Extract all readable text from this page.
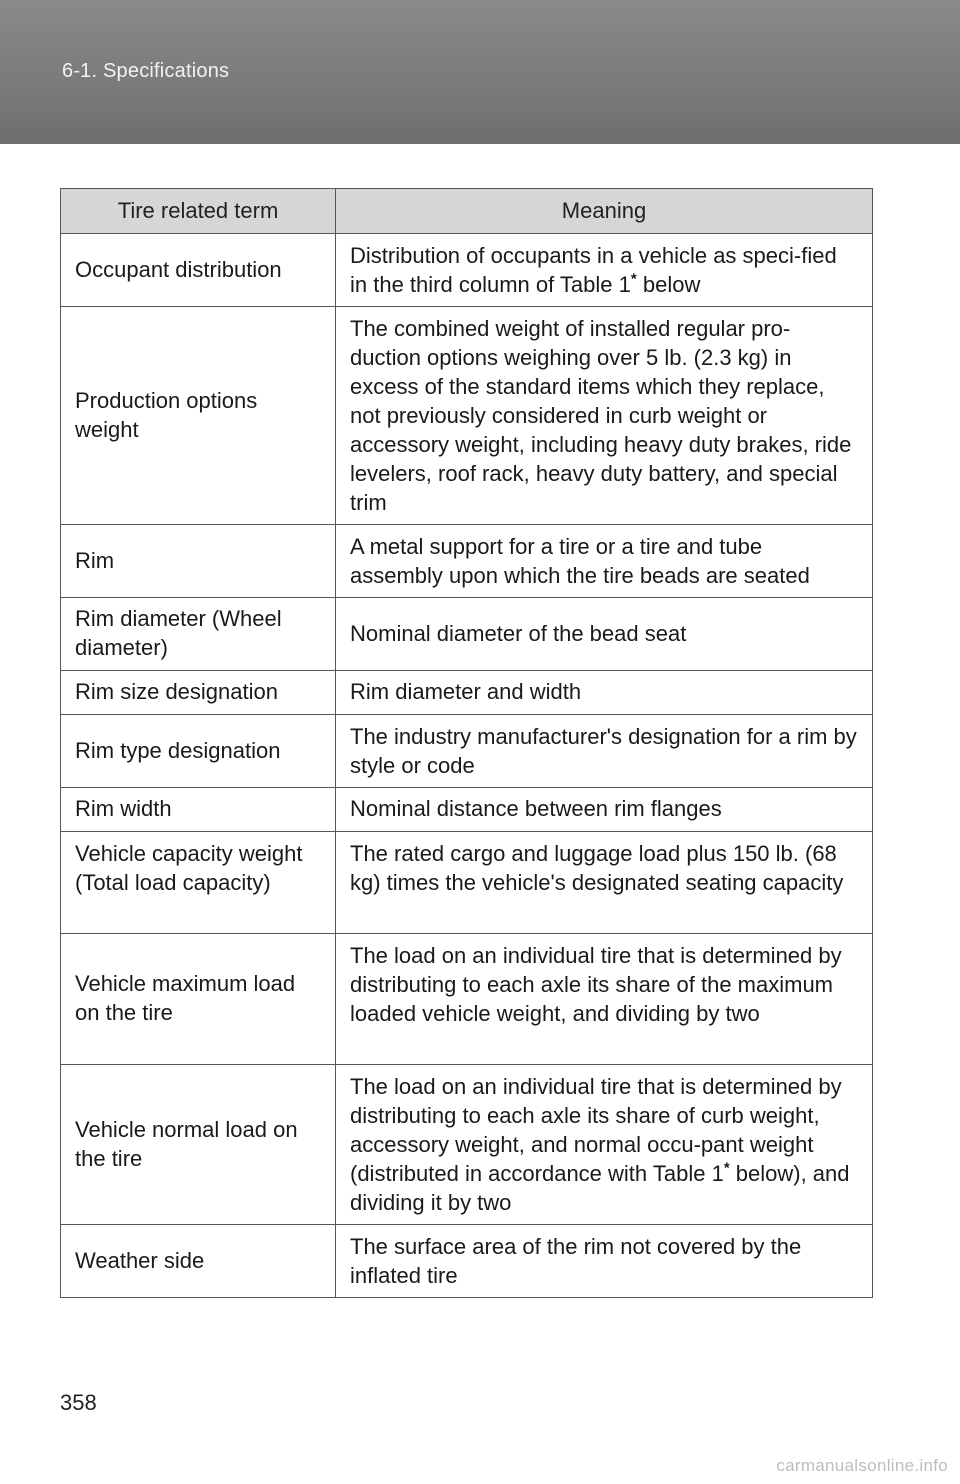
6-1. Specifications
Tire related term	Meaning
Occupant distribution	Distribution of occupants in a vehicle as speci-fied in the third column of Table 1* below
Production options weight	The combined weight of installed regular pro-duction options weighing over 5 lb. (2.3 kg) in excess of the standard items which they replace, not previously considered in curb weight or accessory weight, including heavy duty brakes, ride levelers, roof rack, heavy duty battery, and special trim
Rim	A metal support for a tire or a tire and tube assembly upon which the tire beads are seated
Rim diameter (Wheel diameter)	Nominal diameter of the bead seat
Rim size designation	Rim diameter and width
Rim type designation	The industry manufacturer's designation for a rim by style or code
Rim width	Nominal distance between rim flanges
Vehicle capacity weight (Total load capacity)	The rated cargo and luggage load plus 150 lb. (68 kg) times the vehicle's designated seating capacity
Vehicle maximum load on the tire	The load on an individual tire that is determined by distributing to each axle its share of the maximum loaded vehicle weight, and dividing by two
Vehicle normal load on the tire	The load on an individual tire that is determined by distributing to each axle its share of curb weight, accessory weight, and normal occu-pant weight (distributed in accordance with Table 1* below), and dividing it by two
Weather side	The surface area of the rim not covered by the inflated tire
358
carmanualsonline.info
